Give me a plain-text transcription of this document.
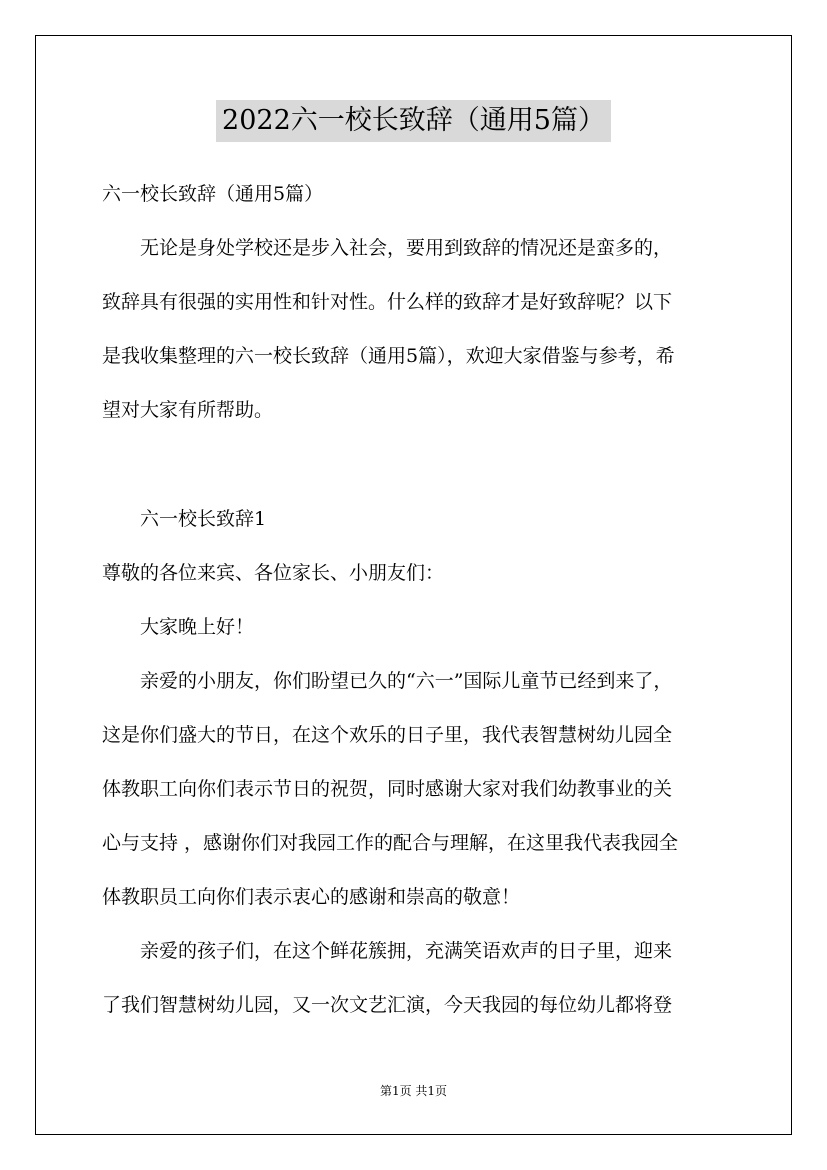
2022六一校长致辞（通用5篇）
六一校长致辞（通用5篇）
无论是身处学校还是步入社会，要用到致辞的情况还是蛮多的，
致辞具有很强的实用性和针对性。什么样的致辞才是好致辞呢？以下
是我收集整理的六一校长致辞（通用5篇），欢迎大家借鉴与参考，希
望对大家有所帮助。
六一校长致辞1
尊敬的各位来宾、各位家长、小朋友们：
大家晚上好！
亲爱的小朋友，你们盼望已久的“六一”国际儿童节已经到来了，
这是你们盛大的节日，在这个欢乐的日子里，我代表智慧树幼儿园全
体教职工向你们表示节日的祝贺，同时感谢大家对我们幼教事业的关
心与支持 ，感谢你们对我园工作的配合与理解，在这里我代表我园全
体教职员工向你们表示衷心的感谢和崇高的敬意！
亲爱的孩子们，在这个鲜花簇拥，充满笑语欢声的日子里，迎来
了我们智慧树幼儿园，又一次文艺汇演，今天我园的每位幼儿都将登
第1页 共1页
